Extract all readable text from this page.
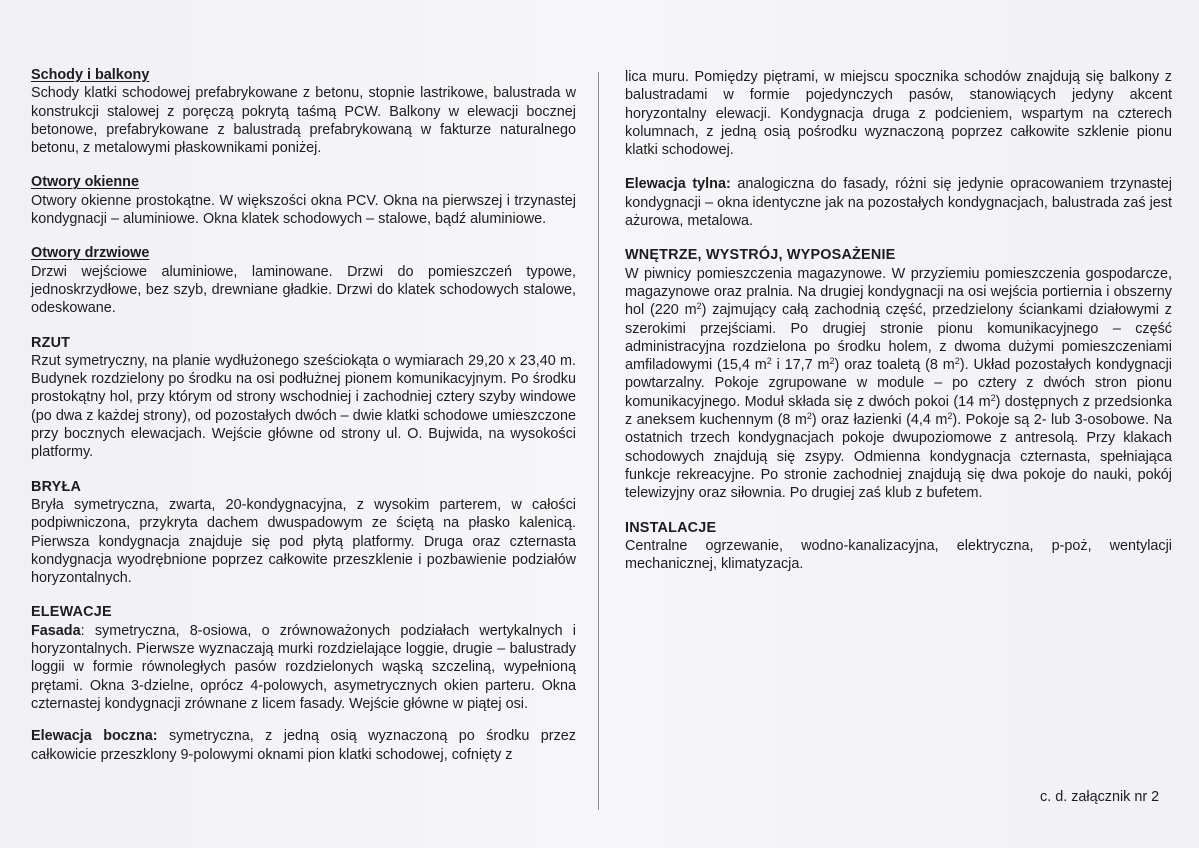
Schody i balkony

Schody klatki schodowej prefabrykowane z betonu, stopnie lastrikowe, balustrada w konstrukcji stalowej z poręczą pokrytą taśmą PCW. Balkony w elewacji bocznej betonowe, prefabrykowane z balustradą prefabrykowaną w fakturze naturalnego betonu, z metalowymi płaskownikami poniżej.

Otwory okienne

Otwory okienne prostokątne. W większości okna PCV. Okna na pierwszej i trzynastej kondygnacji – aluminiowe. Okna klatek schodowych – stalowe, bądź aluminiowe.

Otwory drzwiowe

Drzwi wejściowe aluminiowe, laminowane. Drzwi do pomieszczeń typowe, jednoskrzydłowe, bez szyb, drewniane gładkie. Drzwi do klatek schodowych stalowe, odeskowane.

RZUT

Rzut symetryczny, na planie wydłużonego sześciokąta o wymiarach 29,20 x 23,40 m. Budynek rozdzielony po środku na osi podłużnej pionem komunikacyjnym. Po środku prostokątny hol, przy którym od strony wschodniej i zachodniej cztery szyby windowe (po dwa z każdej strony), od pozostałych dwóch – dwie klatki schodowe umieszczone przy bocznych elewacjach. Wejście główne od strony ul. O. Bujwida, na wysokości platformy.

BRYŁA

Bryła symetryczna, zwarta, 20-kondygnacyjna, z wysokim parterem, w całości podpiwniczona, przykryta dachem dwuspadowym ze ściętą na płasko kalenicą. Pierwsza kondygnacja znajduje się pod płytą platformy. Druga oraz czternasta kondygnacja wyodrębnione poprzez całkowite przeszklenie i pozbawienie podziałów horyzontalnych.

ELEWACJE

Fasada: symetryczna, 8-osiowa, o zrównoważonych podziałach wertykalnych i horyzontalnych. Pierwsze wyznaczają murki rozdzielające loggie, drugie – balustrady loggii w formie równoległych pasów rozdzielonych wąską szczeliną, wypełnioną prętami. Okna 3-dzielne, oprócz 4-polowych, asymetrycznych okien parteru. Okna czternastej kondygnacji zrównane z licem fasady. Wejście główne w piątej osi.

Elewacja boczna: symetryczna, z jedną osią wyznaczoną po środku przez całkowicie przeszklony 9-polowymi oknami pion klatki schodowej, cofnięty z

lica muru. Pomiędzy piętrami, w miejscu spocznika schodów znajdują się balkony z balustradami w formie pojedynczych pasów, stanowiących jedyny akcent horyzontalny elewacji. Kondygnacja druga z podcieniem, wspartym na czterech kolumnach, z jedną osią pośrodku wyznaczoną poprzez całkowite szklenie pionu klatki schodowej.

Elewacja tylna: analogiczna do fasady, różni się jedynie opracowaniem trzynastej kondygnacji – okna identyczne jak na pozostałych kondygnacjach, balustrada zaś jest ażurowa, metalowa.

WNĘTRZE, WYSTRÓJ, WYPOSAŻENIE

W piwnicy pomieszczenia magazynowe. W przyziemiu pomieszczenia gospodarcze, magazynowe oraz pralnia. Na drugiej kondygnacji na osi wejścia portiernia i obszerny hol (220 $m^2$) zajmujący całą zachodnią część, przedzielony ściankami działowymi z szerokimi przejściami. Po drugiej stronie pionu komunikacyjnego – część administracyjna rozdzielona po środku holem, z dwoma dużymi pomieszczeniami amfiladowymi (15,4 $m^2$ i 17,7 $m^2$) oraz toaletą (8 $m^2$). Układ pozostałych kondygnacji powtarzalny. Pokoje zgrupowane w module – po cztery z dwóch stron pionu komunikacyjnego. Moduł składa się z dwóch pokoi (14 $m^2$) dostępnych z przedsionka z aneksem kuchennym (8 $m^2$) oraz łazienki (4,4 $m^2$). Pokoje są 2- lub 3-osobowe. Na ostatnich trzech kondygnacjach pokoje dwupoziomowe z antresolą. Przy klakach schodowych znajdują się zsypy. Odmienna kondygnacja czternasta, spełniająca funkcje rekreacyjne. Po stronie zachodniej znajdują się dwa pokoje do nauki, pokój telewizyjny oraz siłownia. Po drugiej zaś klub z bufetem.

INSTALACJE

Centralne ogrzewanie, wodno-kanalizacyjna, elektryczna, p-poż, wentylacji mechanicznej, klimatyzacja.

c. d. załącznik nr 2
